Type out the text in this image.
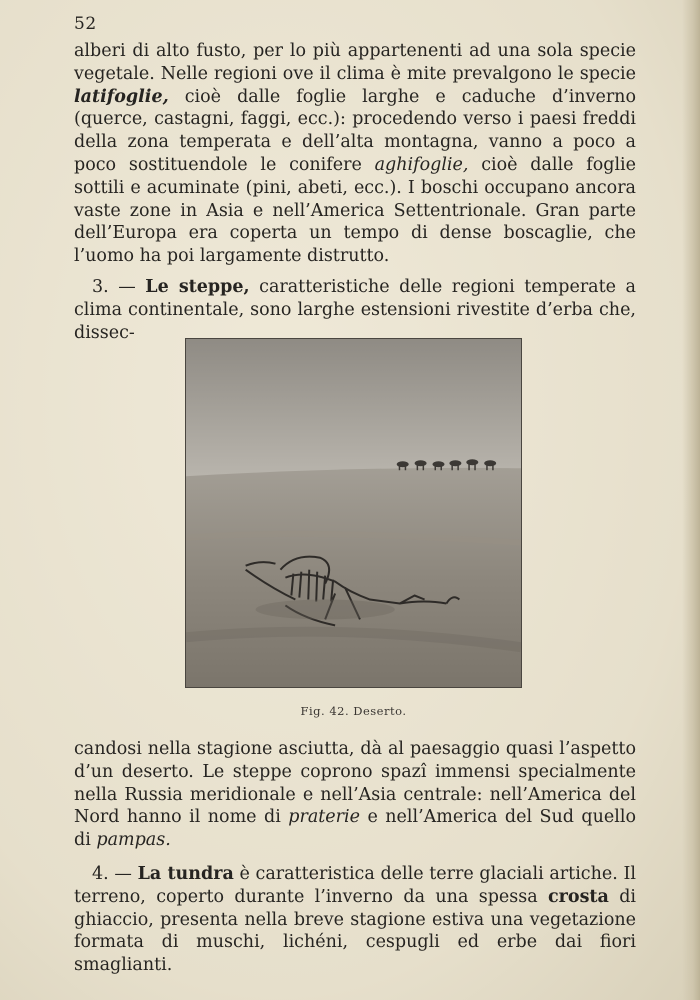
52

alberi di alto fusto, per lo più appartenenti ad una sola specie vegetale. Nelle regioni ove il clima è mite prevalgono le specie latifoglie, cioè dalle foglie larghe e caduche d’inverno (querce, castagni, faggi, ecc.): procedendo verso i paesi freddi della zona temperata e dell’alta montagna, vanno a poco a poco sostituendole le conifere aghifoglie, cioè dalle foglie sottili e acuminate (pini, abeti, ecc.). I boschi occupano ancora vaste zone in Asia e nell’America Settentrionale. Gran parte dell’Europa era coperta un tempo di dense boscaglie, che l’uomo ha poi largamente distrutto.

3. — Le steppe, caratteristiche delle regioni temperate a clima continentale, sono larghe estensioni rivestite d’erba che, dissec-

Fig. 42. Deserto.

candosi nella stagione asciutta, dà al paesaggio quasi l’aspetto d’un deserto. Le steppe coprono spazî immensi specialmente nella Russia meridionale e nell’Asia centrale: nell’America del Nord hanno il nome di praterie e nell’America del Sud quello di pampas.

4. — La tundra è caratteristica delle terre glaciali artiche. Il terreno, coperto durante l’inverno da una spessa crosta di ghiaccio, presenta nella breve stagione estiva una vegetazione formata di muschi, lichéni, cespugli ed erbe dai fiori smaglianti.
